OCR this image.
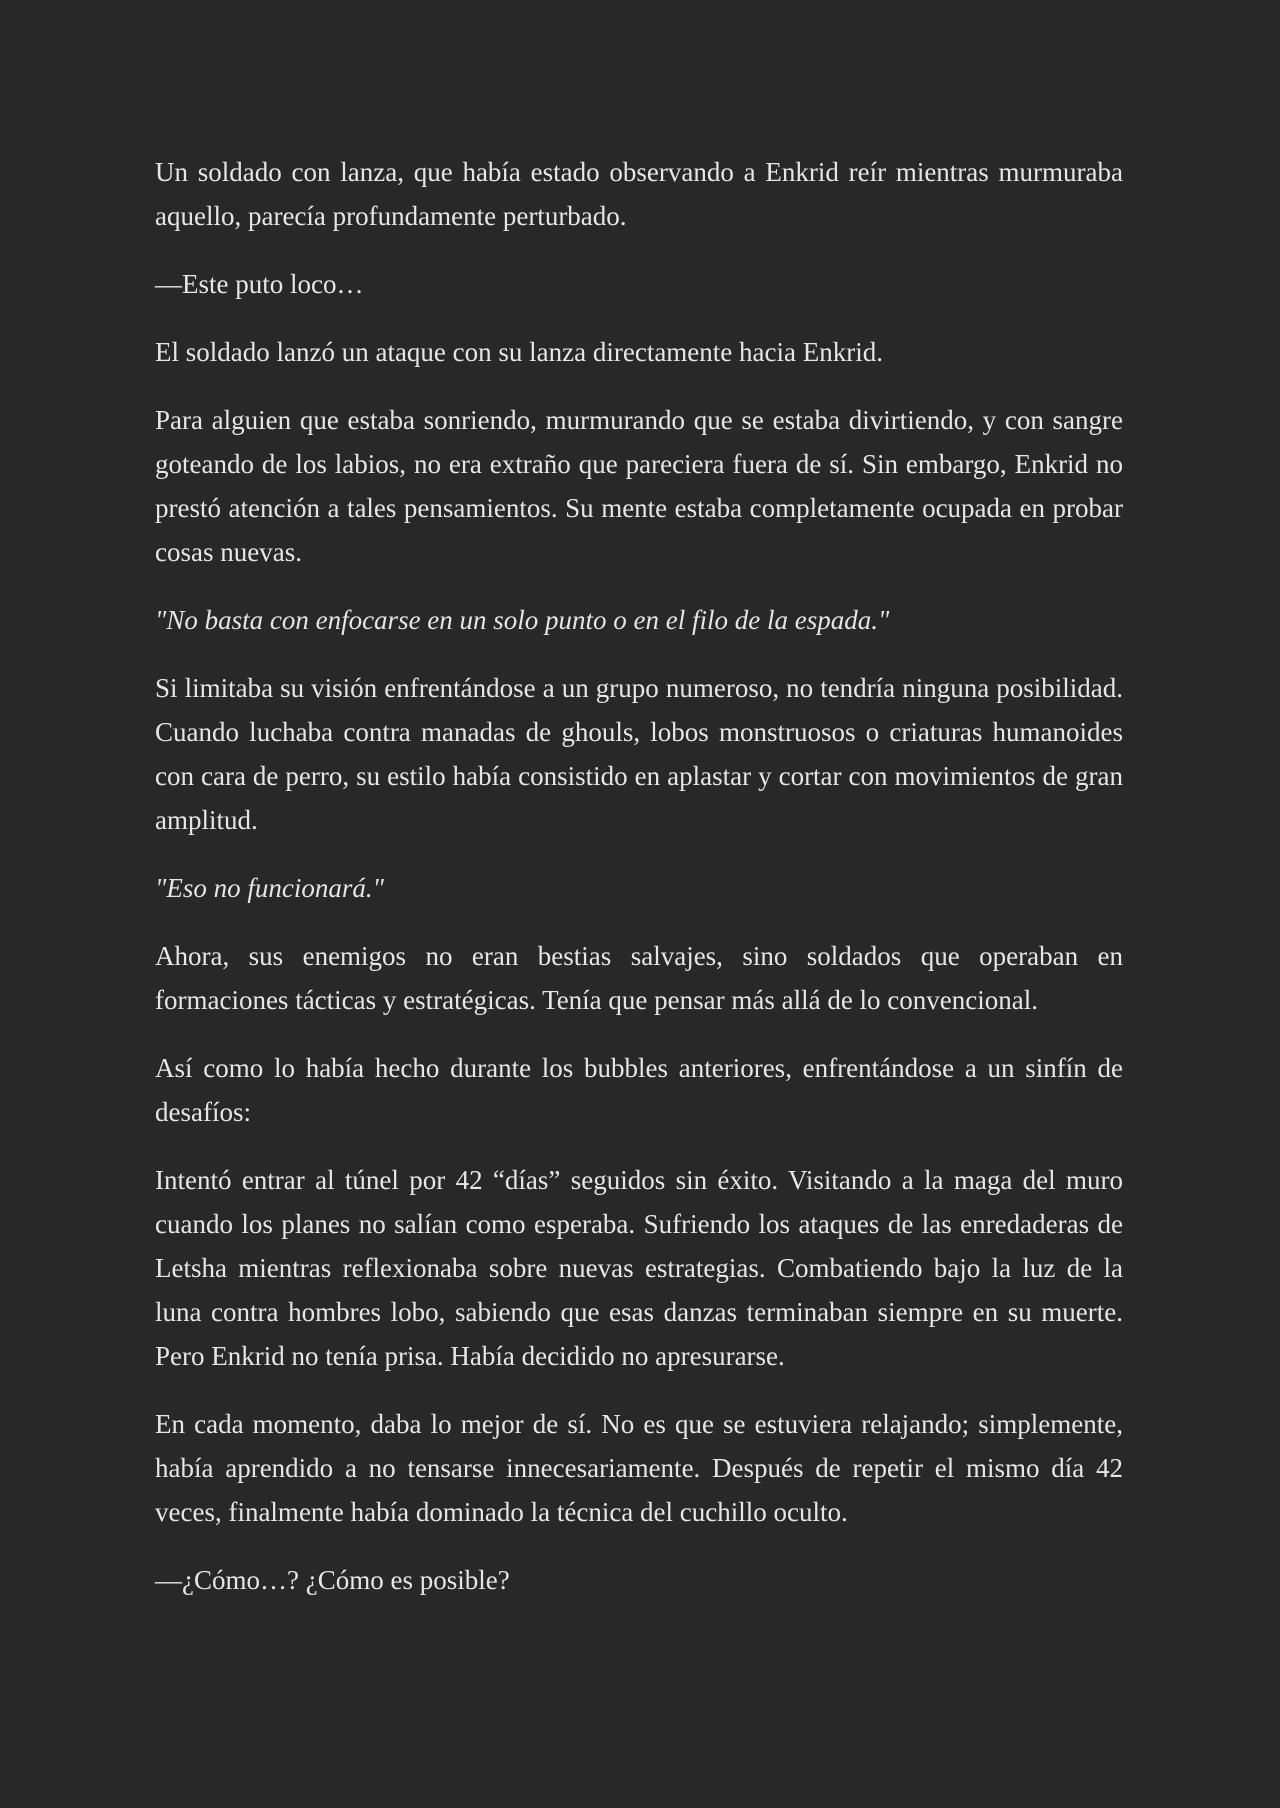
Un soldado con lanza, que había estado observando a Enkrid reír mientras murmuraba aquello, parecía profundamente perturbado.

—Este puto loco…

El soldado lanzó un ataque con su lanza directamente hacia Enkrid.

Para alguien que estaba sonriendo, murmurando que se estaba divirtiendo, y con sangre goteando de los labios, no era extraño que pareciera fuera de sí. Sin embargo, Enkrid no prestó atención a tales pensamientos. Su mente estaba completamente ocupada en probar cosas nuevas.

"No basta con enfocarse en un solo punto o en el filo de la espada."

Si limitaba su visión enfrentándose a un grupo numeroso, no tendría ninguna posibilidad. Cuando luchaba contra manadas de ghouls, lobos monstruosos o criaturas humanoides con cara de perro, su estilo había consistido en aplastar y cortar con movimientos de gran amplitud.

"Eso no funcionará."

Ahora, sus enemigos no eran bestias salvajes, sino soldados que operaban en formaciones tácticas y estratégicas. Tenía que pensar más allá de lo convencional.

Así como lo había hecho durante los bubbles anteriores, enfrentándose a un sinfín de desafíos:

Intentó entrar al túnel por 42 “días” seguidos sin éxito. Visitando a la maga del muro cuando los planes no salían como esperaba. Sufriendo los ataques de las enredaderas de Letsha mientras reflexionaba sobre nuevas estrategias. Combatiendo bajo la luz de la luna contra hombres lobo, sabiendo que esas danzas terminaban siempre en su muerte. Pero Enkrid no tenía prisa. Había decidido no apresurarse.

En cada momento, daba lo mejor de sí. No es que se estuviera relajando; simplemente, había aprendido a no tensarse innecesariamente. Después de repetir el mismo día 42 veces, finalmente había dominado la técnica del cuchillo oculto.

—¿Cómo…? ¿Cómo es posible?
